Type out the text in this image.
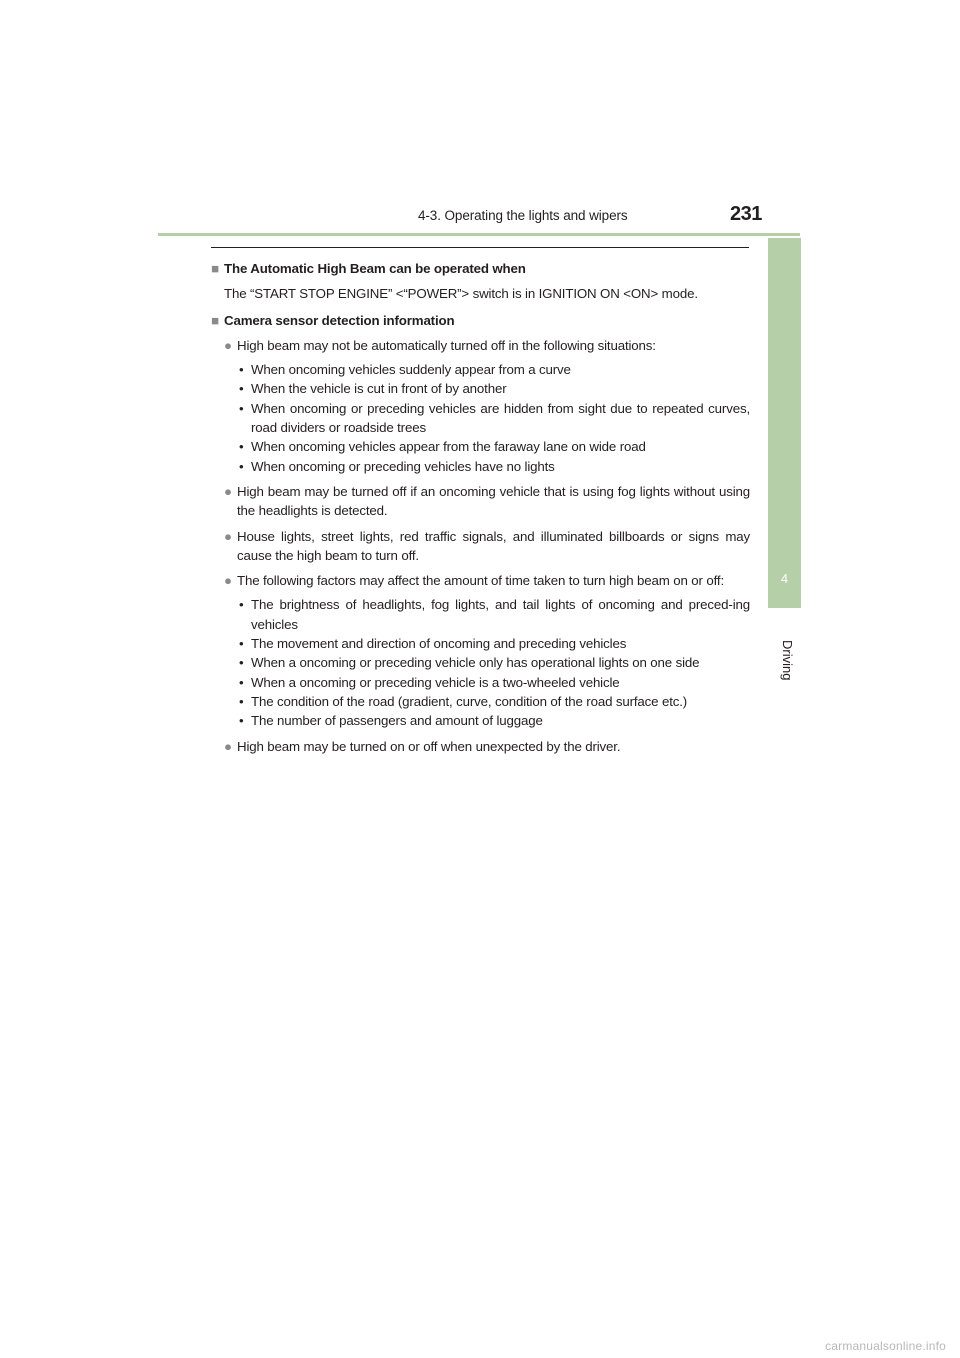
4-3. Operating the lights and wipers	231
4
Driving

■ The Automatic High Beam can be operated when

The “START STOP ENGINE” <“POWER”> switch is in IGNITION ON <ON> mode.

■ Camera sensor detection information

● High beam may not be automatically turned off in the following situations:
• When oncoming vehicles suddenly appear from a curve
• When the vehicle is cut in front of by another
• When oncoming or preceding vehicles are hidden from sight due to repeated curves, road dividers or roadside trees
• When oncoming vehicles appear from the faraway lane on wide road
• When oncoming or preceding vehicles have no lights
● High beam may be turned off if an oncoming vehicle that is using fog lights without using the headlights is detected.
● House lights, street lights, red traffic signals, and illuminated billboards or signs may cause the high beam to turn off.
● The following factors may affect the amount of time taken to turn high beam on or off:
• The brightness of headlights, fog lights, and tail lights of oncoming and preced-ing vehicles
• The movement and direction of oncoming and preceding vehicles
• When a oncoming or preceding vehicle only has operational lights on one side
• When a oncoming or preceding vehicle is a two-wheeled vehicle
• The condition of the road (gradient, curve, condition of the road surface etc.)
• The number of passengers and amount of luggage
● High beam may be turned on or off when unexpected by the driver.
carmanualsonline.info
